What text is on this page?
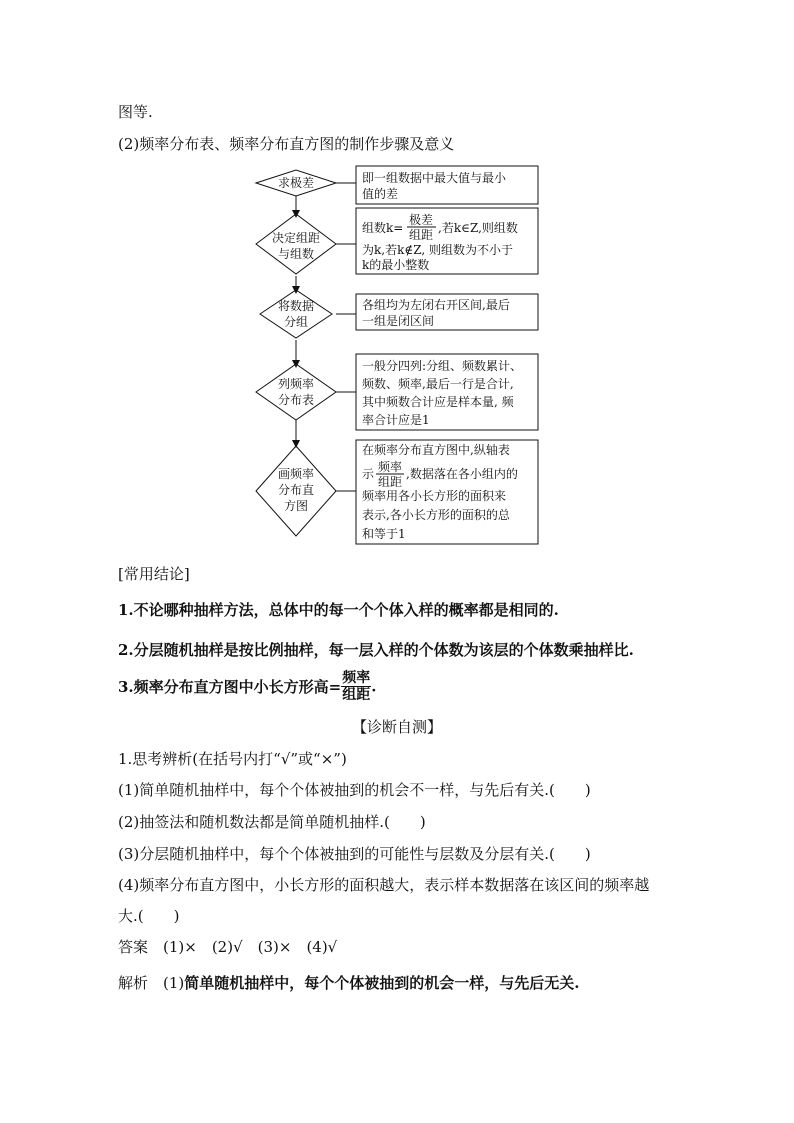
图等.
(2)频率分布表、频率分布直方图的制作步骤及意义
求极差
决定组距
与组数
将数据
分组
列频率
分布表
画频率
分布直
方图
即一组数据中最大值与最小
值的差
组数k=
极差
组距 ,若k∈Z,则组数
为k,若k∉Z, 则组数为不小于
k的最小整数
各组均为左闭右开区间,最后
一组是闭区间
一般分四列:分组、频数累计、
频数、频率,最后一行是合计,
其中频数合计应是样本量, 频
率合计应是1
在频率分布直方图中,纵轴表
示 频率
组距
,数据落在各小组内的
频率用各小长方形的面积来
表示,各小长方形的面积的总
和等于1
[常用结论]
1.不论哪种抽样方法，总体中的每一个个体入样的概率都是相同的.
2.分层随机抽样是按比例抽样，每一层入样的个体数为该层的个体数乘抽样比.
3.频率分布直方图中小长方形高= $\frac{\text{频率}}{\text{组距}}$ .
【诊断自测】
1.思考辨析(在括号内打“√”或“×”)
(1)简单随机抽样中，每个个体被抽到的机会不一样，与先后有关.(　　)
(2)抽签法和随机数法都是简单随机抽样.(　　)
(3)分层随机抽样中，每个个体被抽到的可能性与层数及分层有关.(　　)
(4)频率分布直方图中，小长方形的面积越大，表示样本数据落在该区间的频率越
大.(　　)
答案　(1)×　(2)√　(3)×　(4)√
解析　(1)简单随机抽样中，每个个体被抽到的机会一样，与先后无关.
